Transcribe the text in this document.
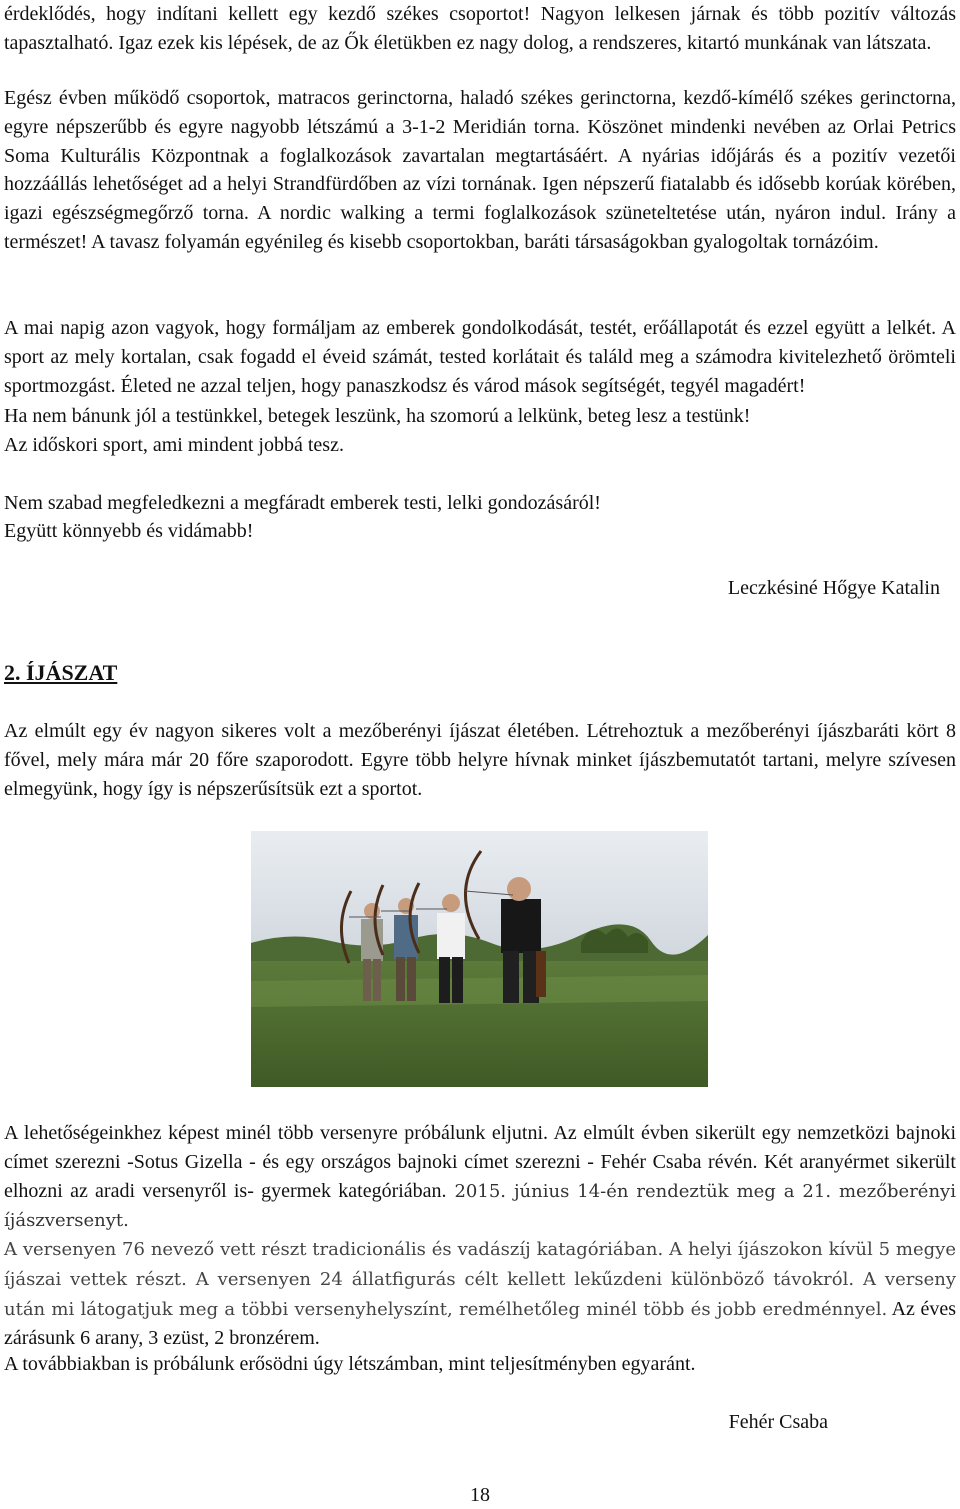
érdeklődés, hogy indítani kellett egy kezdő székes csoportot! Nagyon lelkesen járnak és több pozitív változás tapasztalható. Igaz ezek kis lépések, de az Ők életükben ez nagy dolog, a rendszeres, kitartó munkának van látszata.

Egész évben működő csoportok, matracos gerinctorna, haladó székes gerinctorna, kezdő-kímélő székes gerinctorna, egyre népszerűbb és egyre nagyobb létszámú a 3-1-2 Meridián torna. Köszönet mindenki nevében az Orlai Petrics Soma Kulturális Központnak a foglalkozások zavartalan megtartásáért. A nyárias időjárás és a pozitív vezetői hozzáállás lehetőséget ad a helyi Strandfürdőben az vízi tornának. Igen népszerű fiatalabb és idősebb korúak körében, igazi egészségmegőrző torna. A nordic walking a termi foglalkozások szüneteltetése után, nyáron indul. Irány a természet! A tavasz folyamán egyénileg és kisebb csoportokban, baráti társaságokban gyalogoltak tornázóim.

A mai napig azon vagyok, hogy formáljam az emberek gondolkodását, testét, erőállapotát és ezzel együtt a lelkét. A sport az mely kortalan, csak fogadd el éveid számát, tested korlátait és találd meg a számodra kivitelezhető örömteli sportmozgást. Életed ne azzal teljen, hogy panaszkodsz és várod mások segítségét, tegyél magadért!

Ha nem bánunk jól a testünkkel, betegek leszünk, ha szomorú a lelkünk, beteg lesz a testünk!

Az időskori sport, ami mindent jobbá tesz.

Nem szabad megfeledkezni a megfáradt emberek testi, lelki gondozásáról!

Együtt könnyebb és vidámabb!

Leczkésiné Hőgye Katalin

2. ÍJÁSZAT

Az elmúlt egy év nagyon sikeres volt a mezőberényi íjászat életében. Létrehoztuk a mezőberényi íjászbaráti kört 8 fővel, mely mára már 20 főre szaporodott. Egyre több helyre hívnak minket íjászbemutatót tartani, melyre szívesen elmegyünk, hogy így is népszerűsítsük ezt a sportot.

A lehetőségeinkhez képest minél több versenyre próbálunk eljutni. Az elmúlt évben sikerült egy nemzetközi bajnoki címet szerezni -Sotus Gizella - és egy országos bajnoki címet szerezni - Fehér Csaba révén. Két aranyérmet sikerült elhozni az aradi versenyről is- gyermek kategóriában. 2015. június 14-én rendeztük meg a 21. mezőberényi íjászversenyt.

A versenyen 76 nevező vett részt tradicionális és vadászíj katagóriában. A helyi íjászokon kívül 5 megye íjászai vettek részt. A versenyen 24 állatfigurás célt kellett lekűzdeni különböző távokról. A verseny után mi látogatjuk meg a többi versenyhelyszínt, remélhetőleg minél több és jobb eredménnyel. Az éves zárásunk 6 arany, 3 ezüst, 2 bronzérem.

A továbbiakban is próbálunk erősödni úgy létszámban, mint teljesítményben egyaránt.

Fehér Csaba

18
